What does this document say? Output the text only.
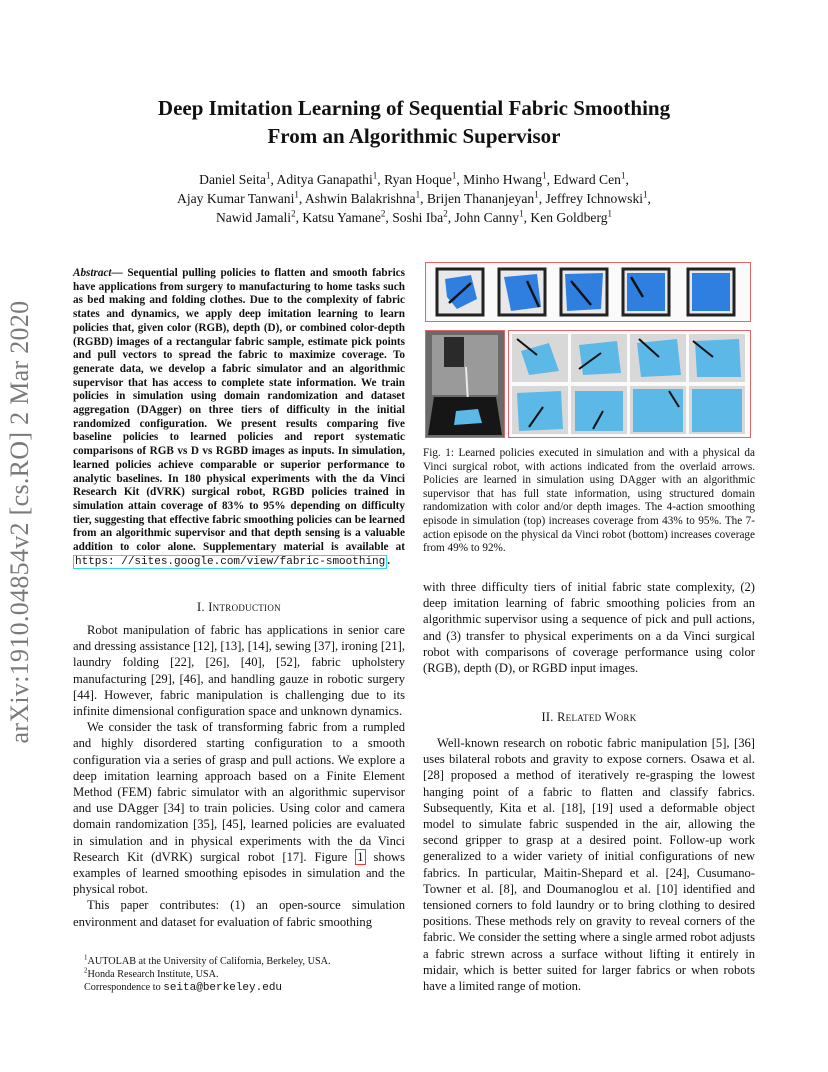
arXiv:1910.04854v2 [cs.RO] 2 Mar 2020
Deep Imitation Learning of Sequential Fabric Smoothing
From an Algorithmic Supervisor
Daniel Seita$^1$, Aditya Ganapathi$^1$, Ryan Hoque$^1$, Minho Hwang$^1$, Edward Cen$^1$,
Ajay Kumar Tanwani$^1$, Ashwin Balakrishna$^1$, Brijen Thananjeyan$^1$, Jeffrey Ichnowski$^1$,
Nawid Jamali$^2$, Katsu Yamane$^2$, Soshi Iba$^2$, John Canny$^1$, Ken Goldberg$^1$
Abstract— Sequential pulling policies to flatten and smooth fabrics have applications from surgery to manufacturing to home tasks such as bed making and folding clothes. Due to the complexity of fabric states and dynamics, we apply deep imitation learning to learn policies that, given color (RGB), depth (D), or combined color-depth (RGBD) images of a rectangular fabric sample, estimate pick points and pull vectors to spread the fabric to maximize coverage. To generate data, we develop a fabric simulator and an algorithmic supervisor that has access to complete state information. We train policies in simulation using domain randomization and dataset aggregation (DAgger) on three tiers of difficulty in the initial randomized configuration. We present results comparing five baseline policies to learned policies and report systematic comparisons of RGB vs D vs RGBD images as inputs. In simulation, learned policies achieve comparable or superior performance to analytic baselines. In 180 physical experiments with the da Vinci Research Kit (dVRK) surgical robot, RGBD policies trained in simulation attain coverage of 83% to 95% depending on difficulty tier, suggesting that effective fabric smoothing policies can be learned from an algorithmic supervisor and that depth sensing is a valuable addition to color alone. Supplementary material is available at https: //sites.google.com/view/fabric-smoothing .
I. Introduction

Robot manipulation of fabric has applications in senior care and dressing assistance [12], [13], [14], sewing [37], ironing [21], laundry folding [22], [26], [40], [52], fabric upholstery manufacturing [29], [46], and handling gauze in robotic surgery [44]. However, fabric manipulation is challenging due to its infinite dimensional configuration space and unknown dynamics.

We consider the task of transforming fabric from a rumpled and highly disordered starting configuration to a smooth configuration via a series of grasp and pull actions. We explore a deep imitation learning approach based on a Finite Element Method (FEM) fabric simulator with an algorithmic supervisor and use DAgger [34] to train policies. Using color and camera domain randomization [35], [45], learned policies are evaluated in simulation and in physical experiments with the da Vinci Research Kit (dVRK) surgical robot [17]. Figure 1 shows examples of learned smoothing episodes in simulation and the physical robot.

This paper contributes: (1) an open-source simulation environment and dataset for evaluation of fabric smoothing

$^1$AUTOLAB at the University of California, Berkeley, USA.
$^2$Honda Research Institute, USA.
Correspondence to seita@berkeley.edu
Fig. 1: Learned policies executed in simulation and with a physical da Vinci surgical robot, with actions indicated from the overlaid arrows. Policies are learned in simulation using DAgger with an algorithmic supervisor that has full state information, using structured domain randomization with color and/or depth images. The 4-action smoothing episode in simulation (top) increases coverage from 43% to 95%. The 7-action episode on the physical da Vinci robot (bottom) increases coverage from 49% to 92%.

with three difficulty tiers of initial fabric state complexity, (2) deep imitation learning of fabric smoothing policies from an algorithmic supervisor using a sequence of pick and pull actions, and (3) transfer to physical experiments on a da Vinci surgical robot with comparisons of coverage performance using color (RGB), depth (D), or RGBD input images.

II. Related Work

Well-known research on robotic fabric manipulation [5], [36] uses bilateral robots and gravity to expose corners. Osawa et al. [28] proposed a method of iteratively re-grasping the lowest hanging point of a fabric to flatten and classify fabrics. Subsequently, Kita et al. [18], [19] used a deformable object model to simulate fabric suspended in the air, allowing the second gripper to grasp at a desired point. Follow-up work generalized to a wider variety of initial configurations of new fabrics. In particular, Maitin-Shepard et al. [24], Cusumano-Towner et al. [8], and Doumanoglou et al. [10] identified and tensioned corners to fold laundry or to bring clothing to desired positions. These methods rely on gravity to reveal corners of the fabric. We consider the setting where a single armed robot adjusts a fabric strewn across a surface without lifting it entirely in midair, which is better suited for larger fabrics or when robots have a limited range of motion.
